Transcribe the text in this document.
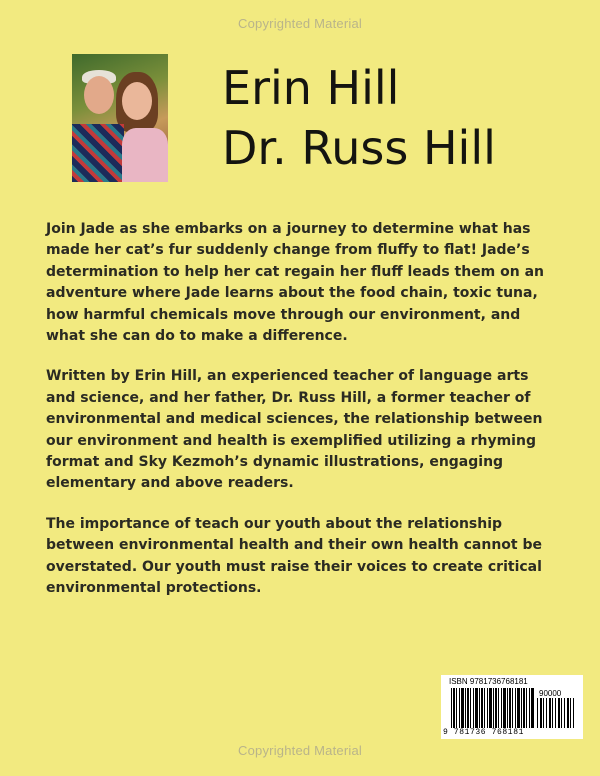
Copyrighted Material
Erin Hill
Dr. Russ Hill

Join Jade as she embarks on a journey to determine what has made her cat’s fur suddenly change from fluffy to flat! Jade’s determination to help her cat regain her fluff leads them on an adventure where Jade learns about the food chain, toxic tuna, how harmful chemicals move through our environment, and what she can do to make a difference.

Written by Erin Hill, an experienced teacher of language arts and science, and her father, Dr. Russ Hill, a former teacher of environmental and medical sciences, the relationship between our environment and health is exemplified utilizing a rhyming format and Sky Kezmoh’s dynamic illustrations, engaging elementary and above readers.

The importance of teach our youth about the relationship between environmental health and their own health cannot be overstated. Our youth must raise their voices to create critical environmental protections.

ISBN 9781736768181
90000
9 781736 768181
Copyrighted Material
